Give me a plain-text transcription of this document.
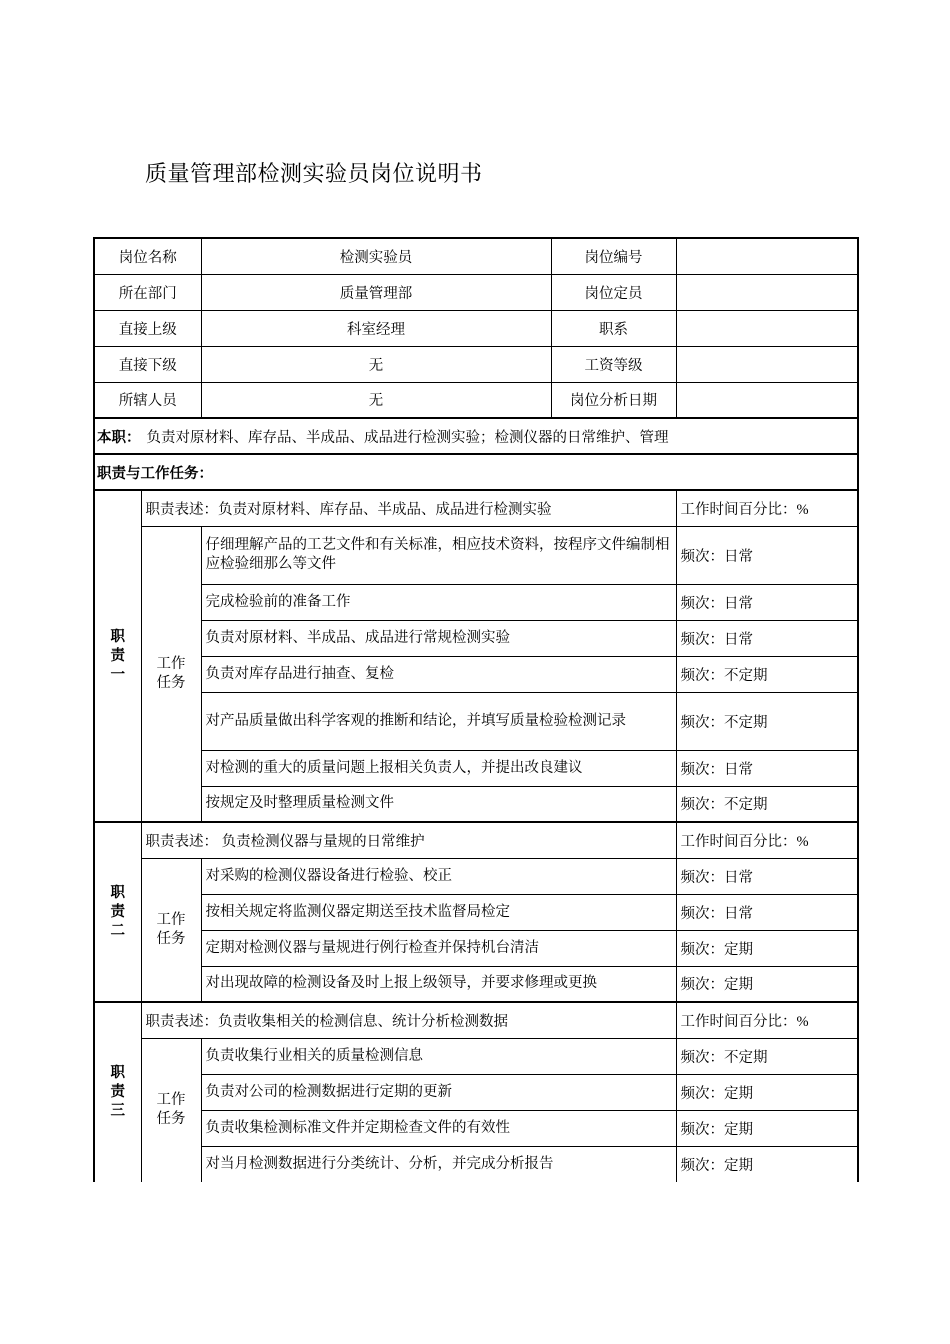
质量管理部检测实验员岗位说明书
岗位名称		检测实验员	岗位编号	
所在部门		质量管理部	岗位定员	
直接上级		科室经理	职系	
直接下级		无	工资等级	
所辖人员		无	岗位分析日期	
本职： 负责对原材料、库存品、半成品、成品进行检测实验；检测仪器的日常维护、管理				
职责与工作任务：				

职
责
一	职责表述：负责对原材料、库存品、半成品、成品进行检测实验			工作时间百分比：%
	工作任务	仔细理解产品的工艺文件和有关标准，相应技术资料，按程序文件编制相应检验细那么等文件		频次：日常
		完成检验前的准备工作		频次：日常
		负责对原材料、半成品、成品进行常规检测实验		频次：日常
		负责对库存品进行抽查、复检		频次：不定期
		对产品质量做出科学客观的推断和结论，并填写质量检验检测记录		频次：不定期
		对检测的重大的质量问题上报相关负责人，并提出改良建议		频次：日常
		按规定及时整理质量检测文件		频次：不定期

职
责
二	职责表述： 负责检测仪器与量规的日常维护			工作时间百分比：%
	工作任务	对采购的检测仪器设备进行检验、校正		频次：日常
		按相关规定将监测仪器定期送至技术监督局检定		频次：日常
		定期对检测仪器与量规进行例行检查并保持机台清洁		频次：定期
		对出现故障的检测设备及时上报上级领导，并要求修理或更换		频次：定期

职
责
三	职责表述：负责收集相关的检测信息、统计分析检测数据			工作时间百分比：%
	工作任务	负责收集行业相关的质量检测信息		频次：不定期
		负责对公司的检测数据进行定期的更新		频次：定期
		负责收集检测标准文件并定期检查文件的有效性		频次：定期
		对当月检测数据进行分类统计、分析，并完成分析报告		频次：定期
